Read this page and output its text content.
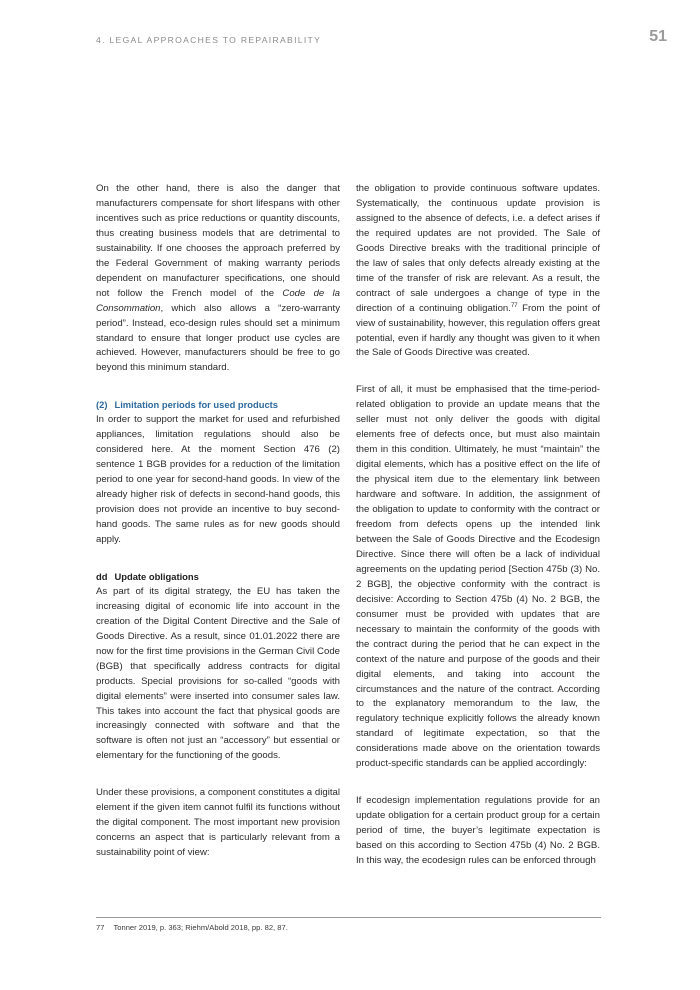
4. LEGAL APPROACHES TO REPAIRABILITY	51

On the other hand, there is also the danger that manufacturers compensate for short lifespans with other incentives such as price reductions or quantity discounts, thus creating business models that are detrimental to sustainability. If one chooses the approach preferred by the Federal Government of making warranty periods dependent on manufacturer specifications, one should not follow the French model of the Code de la Consommation, which also allows a “zero-warranty period”. Instead, eco-design rules should set a minimum standard to ensure that longer product use cycles are achieved. However, manufacturers should be free to go beyond this minimum standard.

(2) Limitation periods for used products

In order to support the market for used and refurbished appliances, limitation regulations should also be considered here. At the moment Section 476 (2) sentence 1 BGB provides for a reduction of the limitation period to one year for second-hand goods. In view of the already higher risk of defects in second-hand goods, this provision does not provide an incentive to buy second-hand goods. The same rules as for new goods should apply.

dd Update obligations

As part of its digital strategy, the EU has taken the increasing digital of economic life into account in the creation of the Digital Content Directive and the Sale of Goods Directive. As a result, since 01.01.2022 there are now for the first time provisions in the German Civil Code (BGB) that specifically address contracts for digital products. Special provisions for so-called “goods with digital elements” were inserted into consumer sales law. This takes into account the fact that physical goods are increasingly connected with software and that the software is often not just an “accessory” but essential or elementary for the functioning of the goods.

Under these provisions, a component constitutes a digital element if the given item cannot fulfil its functions without the digital component. The most important new provision concerns an aspect that is particularly relevant from a sustainability point of view:

the obligation to provide continuous software updates. Systematically, the continuous update provision is assigned to the absence of defects, i.e. a defect arises if the required updates are not provided. The Sale of Goods Directive breaks with the traditional principle of the law of sales that only defects already existing at the time of the transfer of risk are relevant. As a result, the contract of sale undergoes a change of type in the direction of a continuing obligation.$^{77}$ From the point of view of sustainability, however, this regulation offers great potential, even if hardly any thought was given to it when the Sale of Goods Directive was created.

First of all, it must be emphasised that the time-period-related obligation to provide an update means that the seller must not only deliver the goods with digital elements free of defects once, but must also maintain them in this condition. Ultimately, he must “maintain” the digital elements, which has a positive effect on the life of the physical item due to the elementary link between hardware and software. In addition, the assignment of the obligation to update to conformity with the contract or freedom from defects opens up the intended link between the Sale of Goods Directive and the Ecodesign Directive. Since there will often be a lack of individual agreements on the updating period [Section 475b (3) No. 2 BGB], the objective conformity with the contract is decisive: According to Section 475b (4) No. 2 BGB, the consumer must be provided with updates that are necessary to maintain the conformity of the goods with the contract during the period that he can expect in the context of the nature and purpose of the goods and their digital elements, and taking into account the circumstances and the nature of the contract. According to the explanatory memorandum to the law, the regulatory technique explicitly follows the already known standard of legitimate expectation, so that the considerations made above on the orientation towards product-specific standards can be applied accordingly:

If ecodesign implementation regulations provide for an update obligation for a certain product group for a certain period of time, the buyer’s legitimate expectation is based on this according to Section 475b (4) No. 2 BGB. In this way, the ecodesign rules can be enforced through

77 Tonner 2019, p. 363; Riehm/Abold 2018, pp. 82, 87.
